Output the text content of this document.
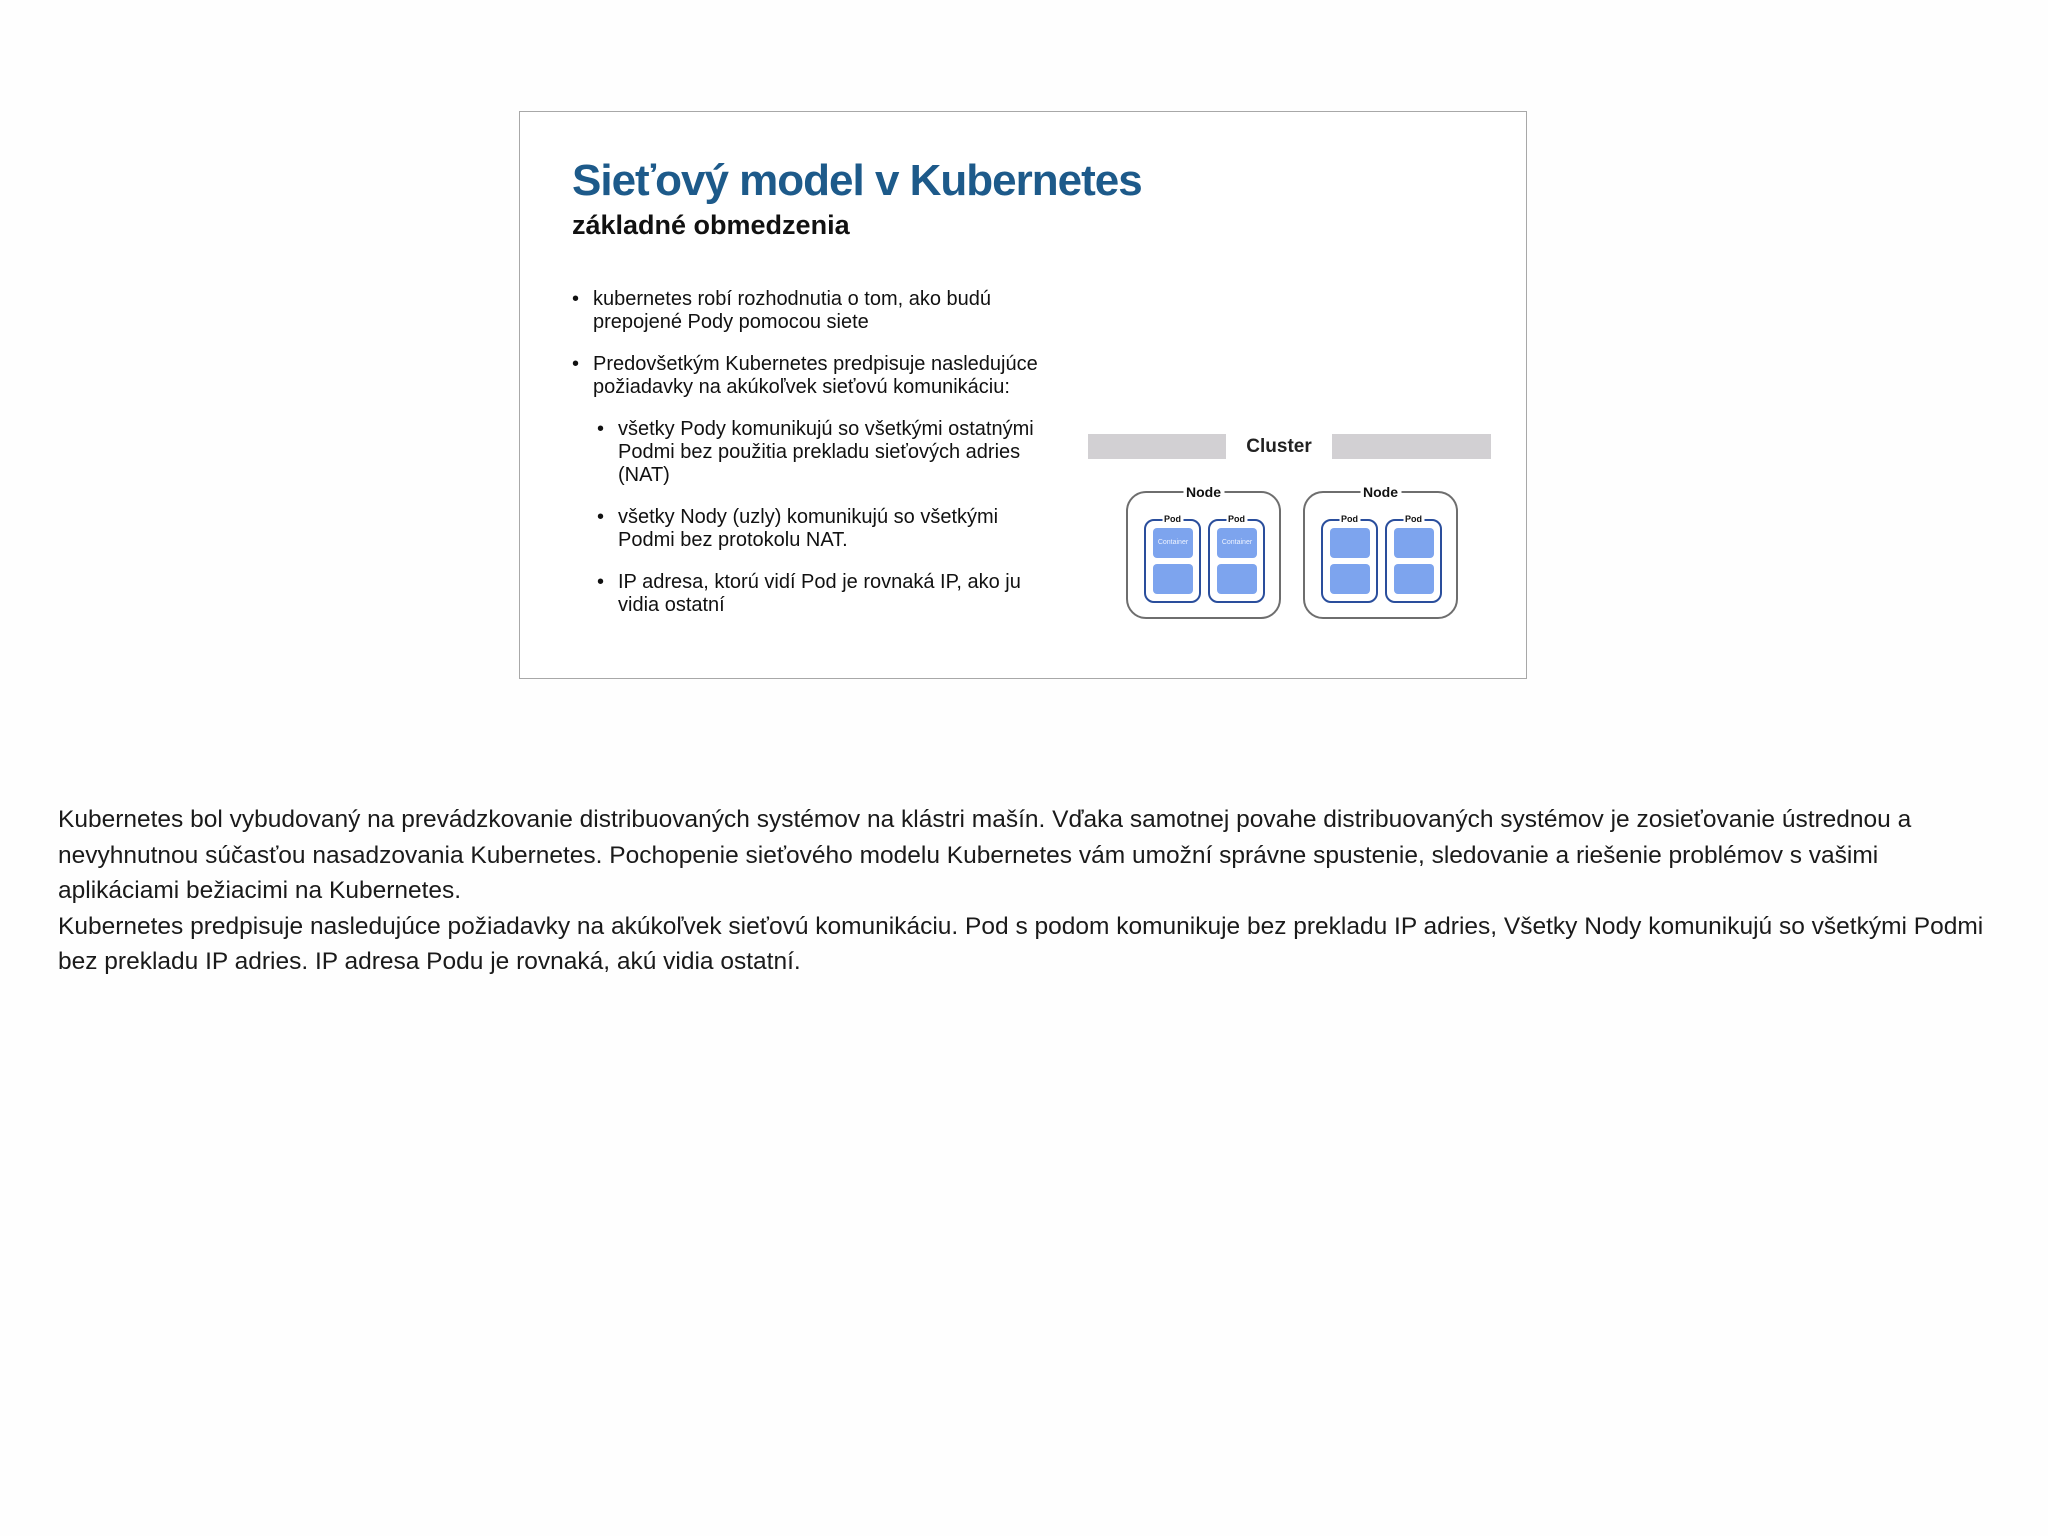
Sieťový model v Kubernetes
základné obmedzenia
• kubernetes robí rozhodnutia o tom, ako budú
prepojené Pody pomocou siete
• Predovšetkým Kubernetes predpisuje nasledujúce
požiadavky na akúkoľvek sieťovú komunikáciu:
• všetky Pody komunikujú so všetkými ostatnými
Podmi bez použitia prekladu sieťových adries
(NAT)
• všetky Nody (uzly) komunikujú so všetkými
Podmi bez protokolu NAT.
• IP adresa, ktorú vidí Pod je rovnaká IP, ako ju
vidia ostatní
Cluster
Node
Pod
Container
Pod
Container
Node
Pod	Pod

Kubernetes bol vybudovaný na prevádzkovanie distribuovaných systémov na klástri mašín. Vďaka samotnej povahe distribuovaných systémov je zosieťovanie ústrednou a nevyhnutnou súčasťou nasadzovania Kubernetes. Pochopenie sieťového modelu Kubernetes vám umožní správne spustenie, sledovanie a riešenie problémov s vašimi aplikáciami bežiacimi na Kubernetes.

Kubernetes predpisuje nasledujúce požiadavky na akúkoľvek sieťovú komunikáciu. Pod s podom komunikuje bez prekladu IP adries, Všetky Nody komunikujú so všetkými Podmi bez prekladu IP adries. IP adresa Podu je rovnaká, akú vidia ostatní.
